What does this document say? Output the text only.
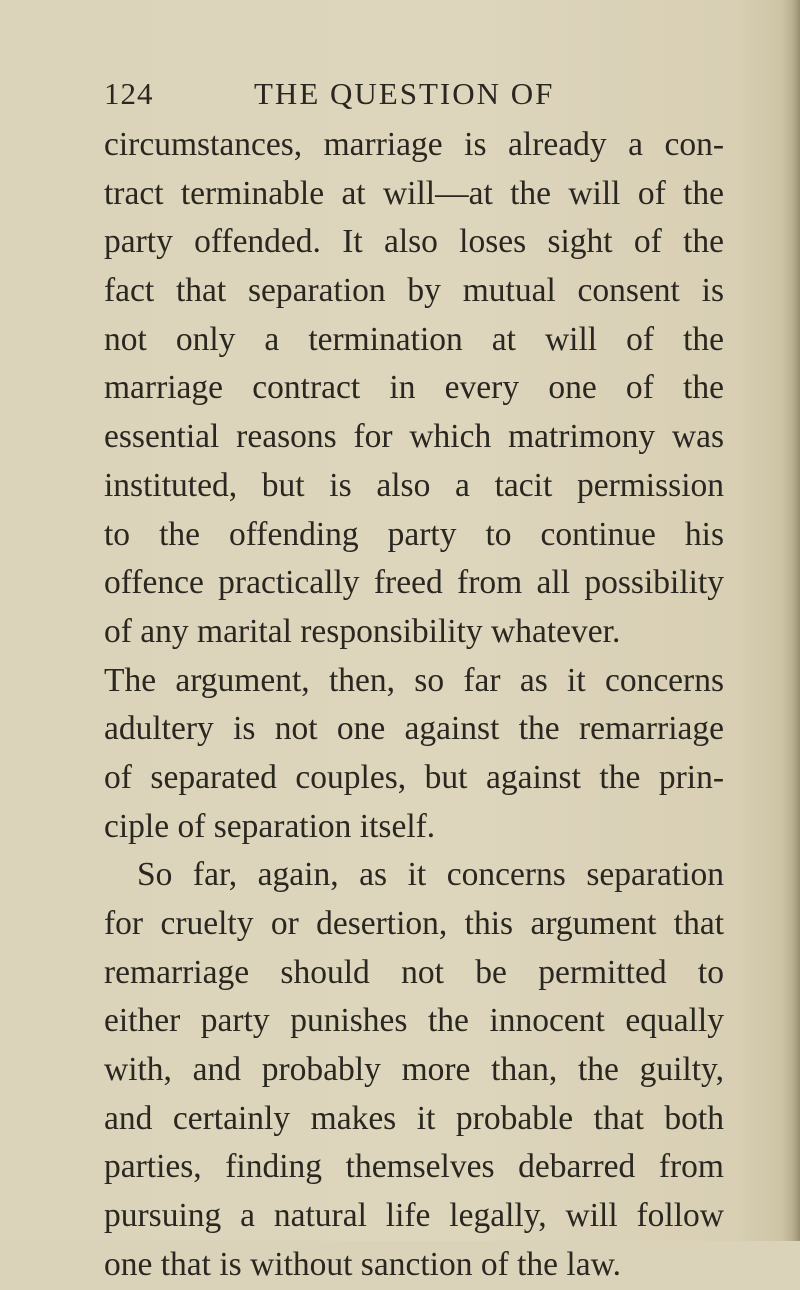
124	THE QUESTION OF
circumstances, marriage is already a con-
tract terminable at will—at the will of the
party offended. It also loses sight of the
fact that separation by mutual consent is
not only a termination at will of the
marriage contract in every one of the
essential reasons for which matrimony was
instituted, but is also a tacit permission
to the offending party to continue his
offence practically freed from all possibility
of any marital responsibility whatever.
The argument, then, so far as it concerns
adultery is not one against the remarriage
of separated couples, but against the prin-
ciple of separation itself.
So far, again, as it concerns separation
for cruelty or desertion, this argument that
remarriage should not be permitted to
either party punishes the innocent equally
with, and probably more than, the guilty,
and certainly makes it probable that both
parties, finding themselves debarred from
pursuing a natural life legally, will follow
one that is without sanction of the law.
